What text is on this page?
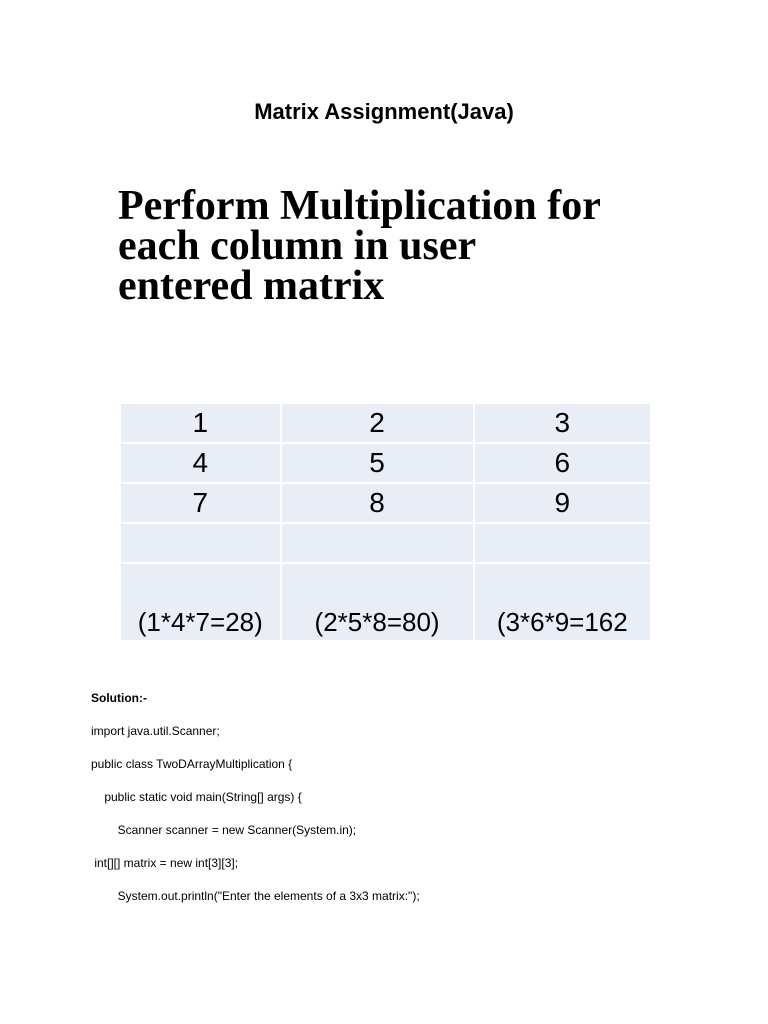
Matrix Assignment(Java)
Perform Multiplication for
each column in user
entered matrix
1	2	3
4	5	6
7	8	9

(1*4*7=28)	(2*5*8=80)	(3*6*9=162
Solution:-
import java.util.Scanner;
public class TwoDArrayMultiplication {
public static void main(String[] args) {
Scanner scanner = new Scanner(System.in);
int[][] matrix = new int[3][3];
System.out.println("Enter the elements of a 3x3 matrix:");
